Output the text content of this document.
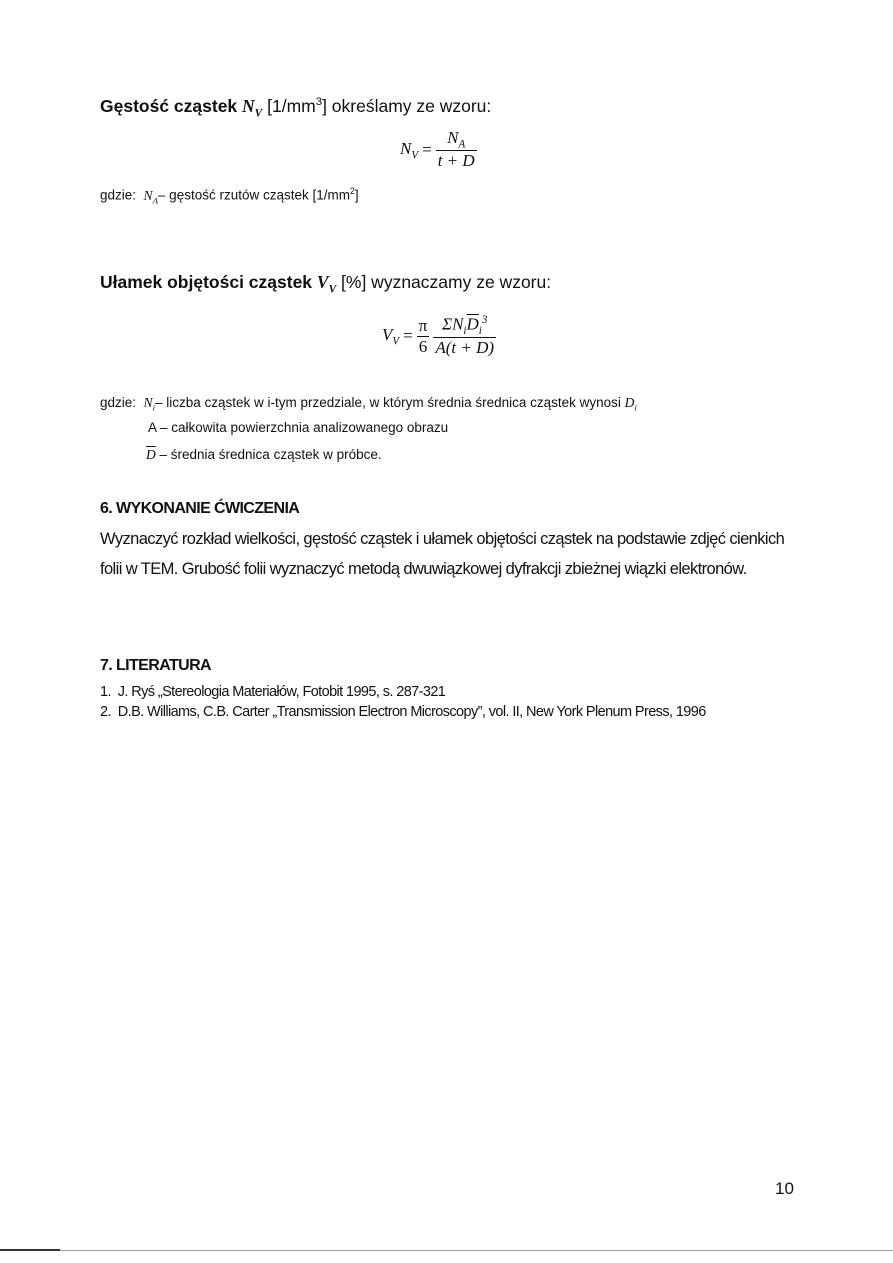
Gęstość cząstek $N_V$ $[1/mm^3]$ określamy ze wzoru:
$N_V = \frac{N_A}{t + D}$
gdzie: $N_A-$ gęstość rzutów cząstek $[1/mm^2]$
Ułamek objętości cząstek $V_V$ [%] wyznaczamy ze wzoru:
$V_V = \frac{\pi}{6} \frac{\Sigma N_i\overline{D}_i^3}{A(t + \overline{D})}$
gdzie: $N_i-$ liczba cząstek w i-tym przedziale, w którym średnia średnica cząstek wynosi $D_i$
A – całkowita powierzchnia analizowanego obrazu
$\overline{D}$ – średnia średnica cząstek w próbce.
6. WYKONANIE ĆWICZENIA
Wyznaczyć rozkład wielkości, gęstość cząstek i ułamek objętości cząstek na podstawie zdjęć cienkich folii w TEM. Grubość folii wyznaczyć metodą dwuwiązkowej dyfrakcji zbieżnej wiązki elektronów.
7. LITERATURA
1. J. Ryś „Stereologia Materiałów, Fotobit 1995, s. 287-321
2. D.B. Williams, C.B. Carter „Transmission Electron Microscopy”, vol. II, New York Plenum Press, 1996
10
